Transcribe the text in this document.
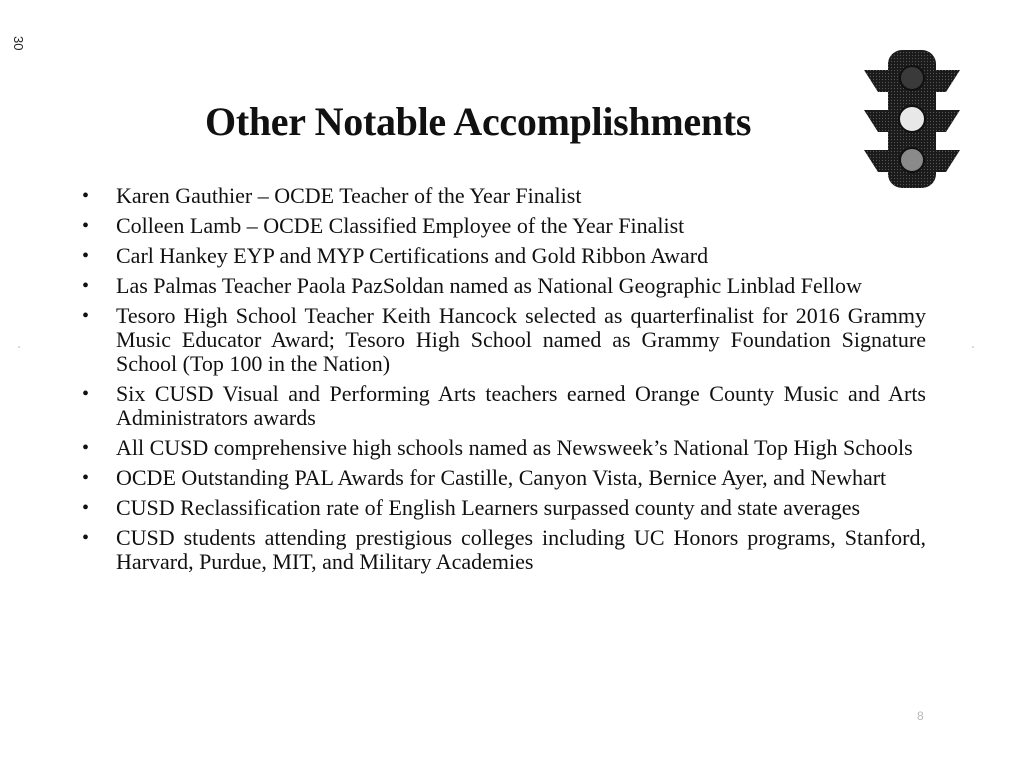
30
Other Notable Accomplishments
• Karen Gauthier – OCDE Teacher of the Year Finalist
• Colleen Lamb – OCDE Classified Employee of the Year Finalist
• Carl Hankey EYP and MYP Certifications and Gold Ribbon Award
• Las Palmas Teacher Paola PazSoldan named as National Geographic Linblad Fellow
• Tesoro High School Teacher Keith Hancock selected as quarterfinalist for 2016 Grammy Music Educator Award; Tesoro High School named as Grammy Foundation Signature School (Top 100 in the Nation)
• Six CUSD Visual and Performing Arts teachers earned Orange County Music and Arts Administrators awards
• All CUSD comprehensive high schools named as Newsweek’s National Top High Schools
• OCDE Outstanding PAL Awards for Castille, Canyon Vista, Bernice Ayer, and Newhart
• CUSD Reclassification rate of English Learners surpassed county and state averages
• CUSD students attending prestigious colleges including UC Honors programs, Stanford, Harvard, Purdue, MIT, and Military Academies
8
